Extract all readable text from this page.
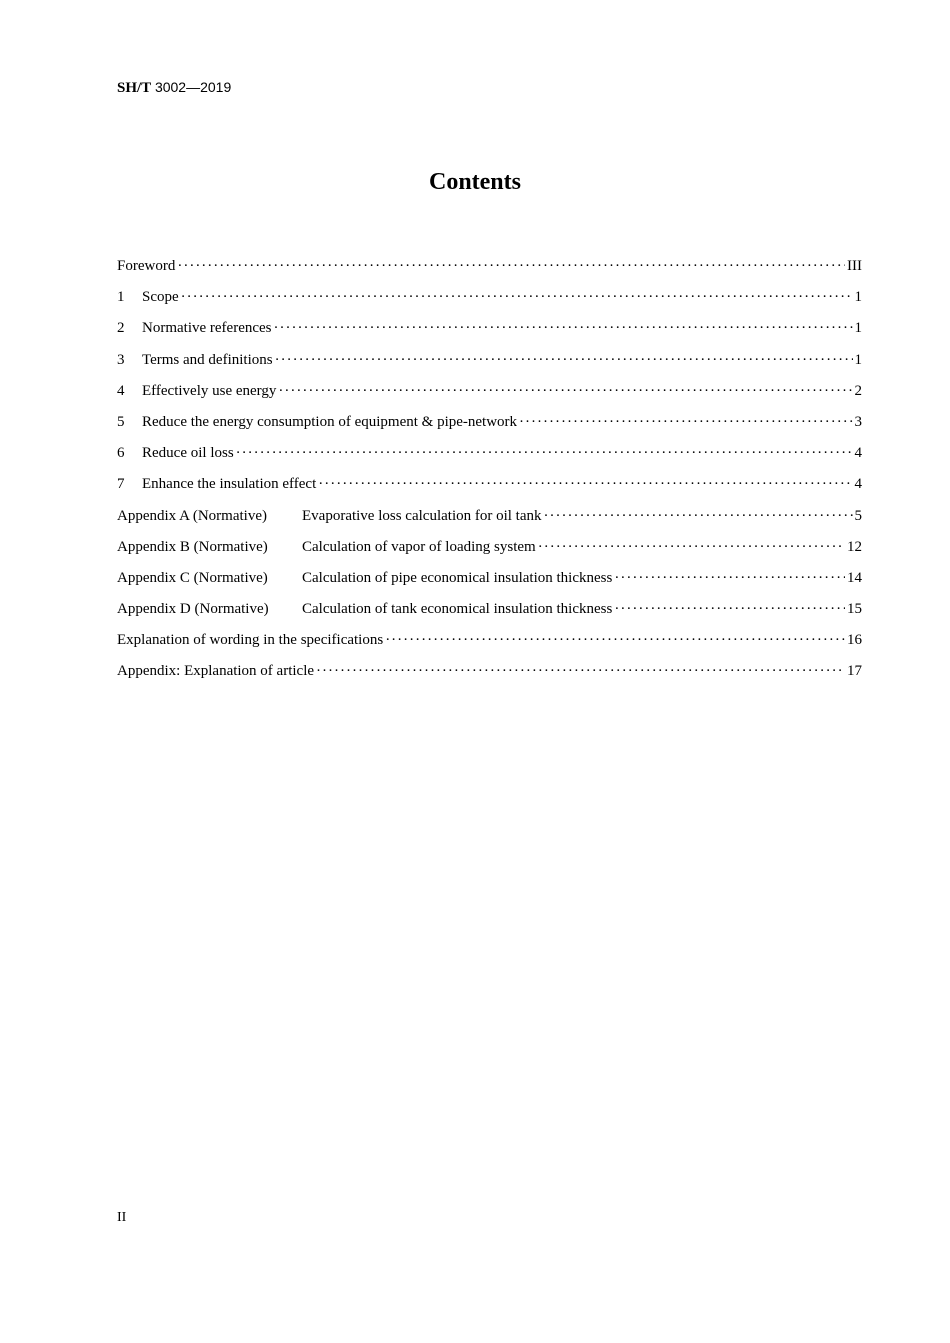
SH/T 3002—2019
Contents
Foreword ·····	III
1	Scope ·····	1
2	Normative references ·····	1
3	Terms and definitions ·····	1
4	Effectively use energy ·····	2
5	Reduce the energy consumption of equipment & pipe-network ·····	3
6	Reduce oil loss ·····	4
7	Enhance the insulation effect ·····	4
Appendix A (Normative)	Evaporative loss calculation for oil tank ·····	5
Appendix B (Normative)	Calculation of vapor of loading system ·····	12
Appendix C (Normative)	Calculation of pipe economical insulation thickness ·····	14
Appendix D (Normative)	Calculation of tank economical insulation thickness ·····	15
Explanation of wording in the specifications ·····	16
Appendix: Explanation of article ·····	17
II
